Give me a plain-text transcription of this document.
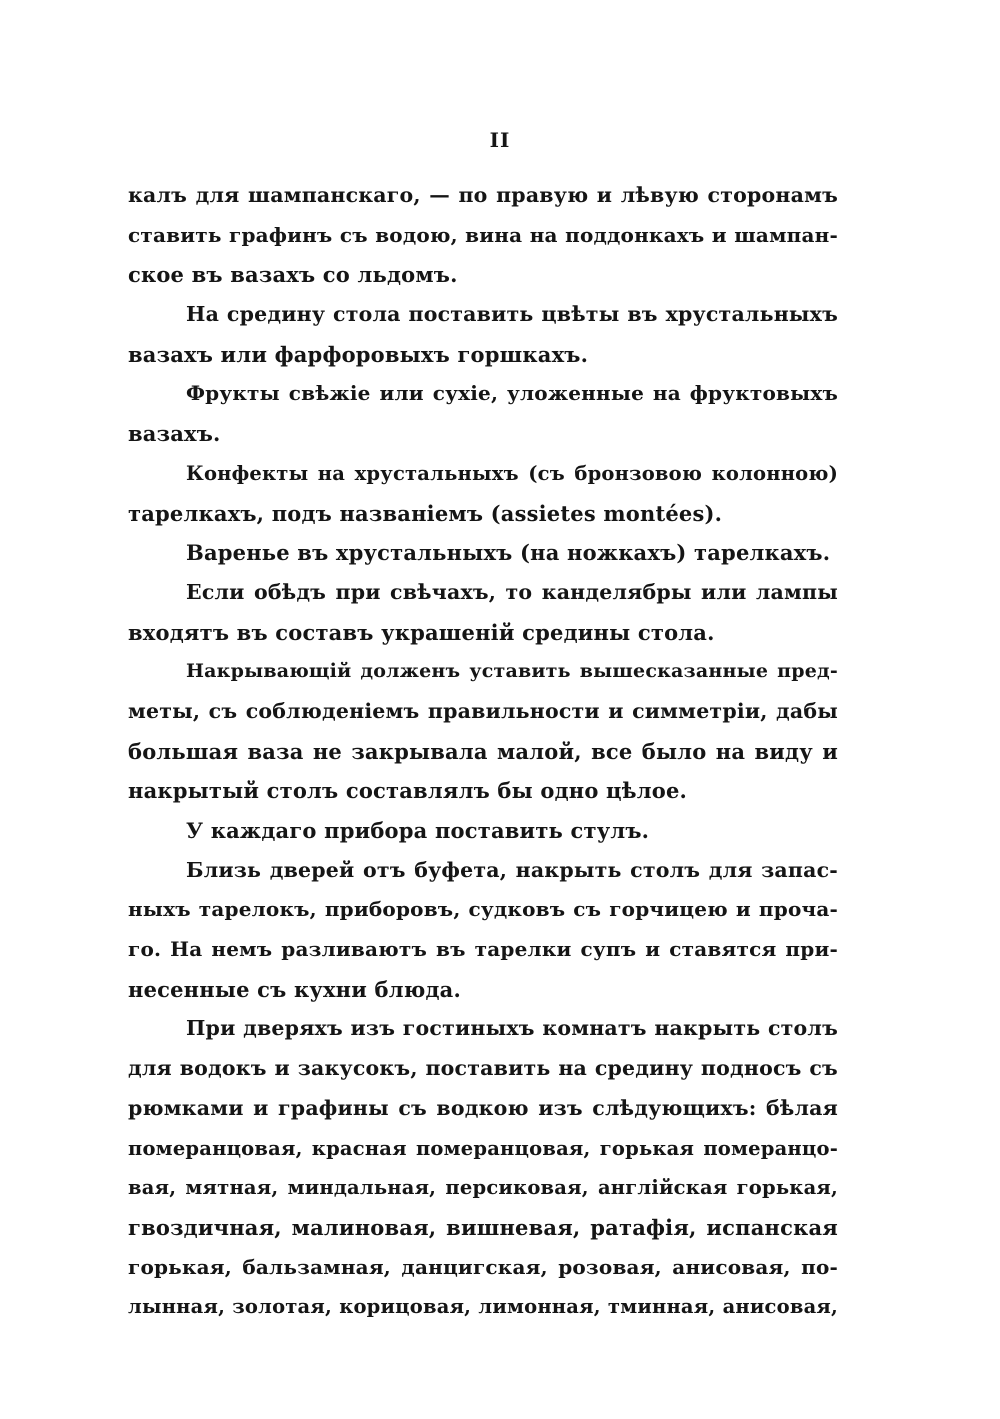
II
калъ для шампанскаго, — по правую и лѣвую сторонамъ
ставить графинъ съ водою, вина на поддонкахъ и шампан-
ское въ вазахъ со льдомъ.
На средину стола поставить цвѣты въ хрустальныхъ
вазахъ или фарфоровыхъ горшкахъ.
Фрукты свѣжіе или сухіе, уложенные на фруктовыхъ
вазахъ.
Конфекты на хрустальныхъ (съ бронзовою колонною)
тарелкахъ, подъ названіемъ (assietes montées).
Варенье въ хрустальныхъ (на ножкахъ) тарелкахъ.
Если обѣдъ при свѣчахъ, то канделябры или лампы
входятъ въ составъ украшеній средины стола.
Накрывающій долженъ уставить вышесказанные пред-
меты, съ соблюденіемъ правильности и симметріи, дабы
большая ваза не закрывала малой, все было на виду и
накрытый столъ составлялъ бы одно цѣлое.
У каждаго прибора поставить стулъ.
Близь дверей отъ буфета, накрыть столъ для запас-
ныхъ тарелокъ, приборовъ, судковъ съ горчицею и проча-
го. На немъ разливаютъ въ тарелки супъ и ставятся при-
несенные съ кухни блюда.
При дверяхъ изъ гостиныхъ комнатъ накрыть столъ
для водокъ и закусокъ, поставить на средину подносъ съ
рюмками и графины съ водкою изъ слѣдующихъ: бѣлая
померанцовая, красная померанцовая, горькая померанцо-
вая, мятная, миндальная, персиковая, англійская горькая,
гвоздичная, малиновая, вишневая, ратафія, испанская
горькая, бальзамная, данцигская, розовая, анисовая, по-
лынная, золотая, корицовая, лимонная, тминная, анисовая,
